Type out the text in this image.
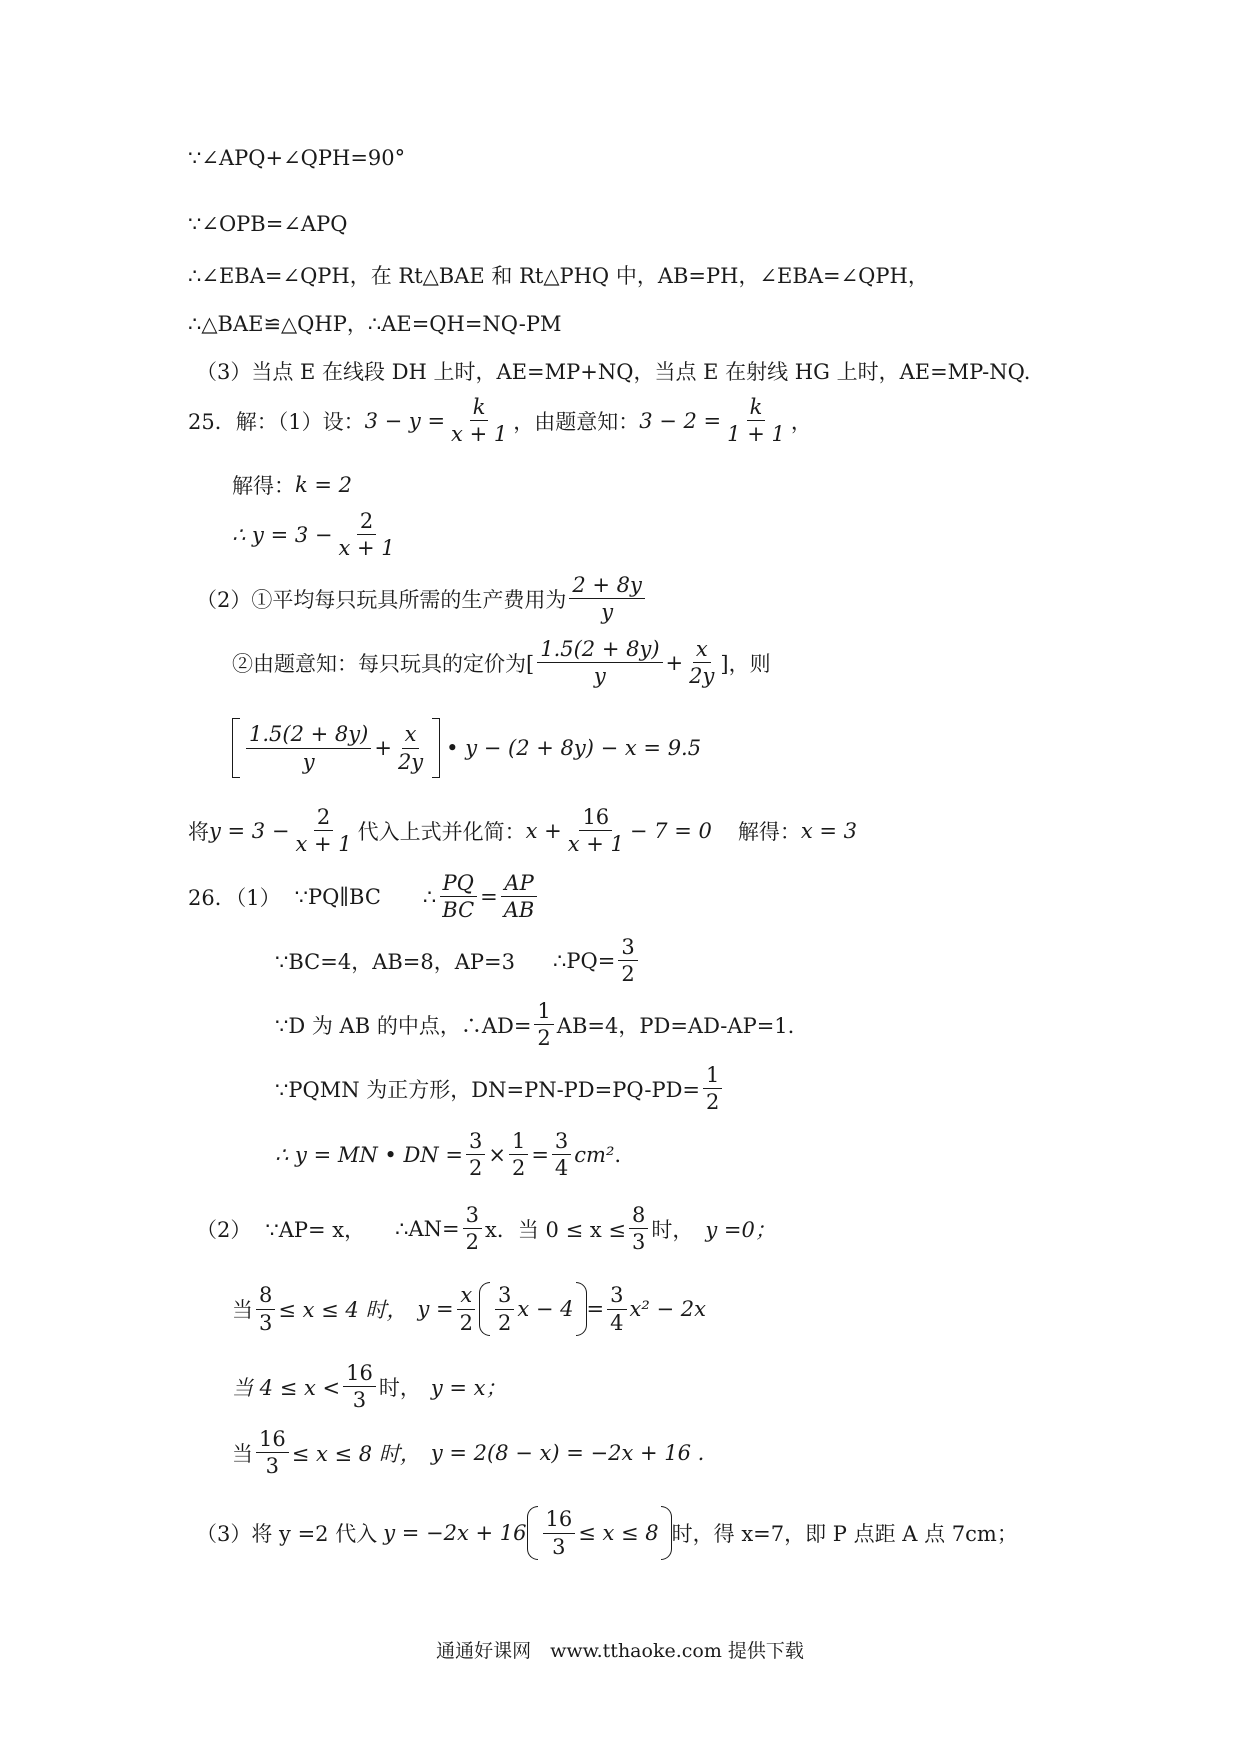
∵∠APQ+∠QPH=90°
∵∠OPB=∠APQ
∴∠EBA=∠QPH，在 Rt△BAE 和 Rt△PHQ 中，AB=PH，∠EBA=∠QPH，
∴△BAE≌△QHP，∴AE=QH=NQ-PM
（3）当点 E 在线段 DH 上时，AE=MP+NQ，当点 E 在射线 HG 上时，AE=MP-NQ.
25．解：（1）设： $3 - y = \frac{k}{x + 1}$ ，由题意知： $3 - 2 = \frac{k}{1 + 1}$ ，
解得： k = 2
∴ $y = 3 - \frac{2}{x + 1}$
（2）①平均每只玩具所需的生产费用为 $\frac{2 + 8y}{y}$
②由题意知：每只玩具的定价为[ $\frac{1.5(2 + 8y)}{y} + \frac{x}{2y}$ ]，则
$\frac{1.5(2 + 8y)}{y} + \frac{x}{2y}$ • y − (2 + 8y) − x = 9.5
将 $y = 3 - \frac{2}{x + 1}$ 代入上式并化简： $x + \frac{16}{x + 1} - 7 = 0$ 解得： x = 3
26．（1） ∵PQ∥BC ∴ $\frac{PQ}{BC} = \frac{AP}{AB}$
∵BC=4，AB=8，AP=3 ∴PQ= $\frac{3}{2}$
∵D 为 AB 的中点，∴AD= $\frac{1}{2} AB=4$，PD=AD-AP=1.
∵PQMN 为正方形，$DN=PN-PD=PQ-PD= \frac{1}{2}$
∴ y = MN • DN = $\frac{3}{2} \times \frac{1}{2} = \frac{3}{4} cm^2$ .
（2） ∵AP= x， ∴AN= $\frac{3}{2}$ x．当 $0 \le x \le \frac{8}{3}$ 时， y =0；
当 $\frac{8}{3} \le x \le 4$ 时， $y = \frac{x}{2} \frac{3}{2}$ $x - 4 = \frac{3}{4} x^2 - 2x$
当 $4 \le x < \frac{16}{3}$ 时， y = x；
当 $\frac{16}{3} \le x \le 8$ 时， y = 2(8 − x) = −2x + 16 .
（3）将 y =2 代入 $y = -2x + 16 \frac{16}{3} \le x \le 8$ 时，得 x=7，即 P 点距 A 点 7cm；
通通好课网　www.tthaoke.com 提供下载
